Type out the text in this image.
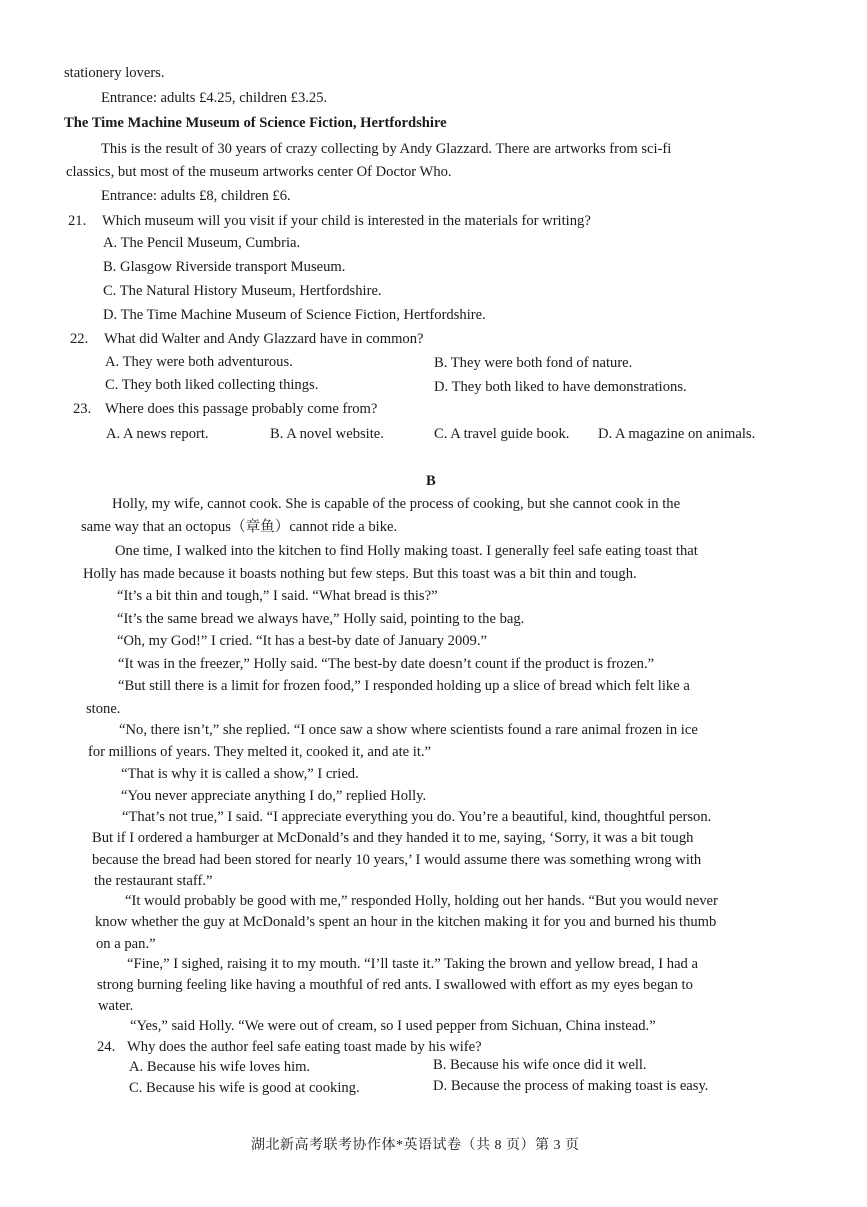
stationery lovers.
Entrance: adults £4.25, children £3.25.
The Time Machine Museum of Science Fiction, Hertfordshire
This is the result of 30 years of crazy collecting by Andy Glazzard. There are artworks from sci-fi
classics, but most of the museum artworks center Of Doctor Who.
Entrance: adults £8, children £6.
21. Which museum will you visit if your child is interested in the materials for writing?
A. The Pencil Museum, Cumbria.
B. Glasgow Riverside transport Museum.
C. The Natural History Museum, Hertfordshire.
D. The Time Machine Museum of Science Fiction, Hertfordshire.
22. What did Walter and Andy Glazzard have in common?
A. They were both adventurous.	B. They were both fond of nature.
C. They both liked collecting things.	D. They both liked to have demonstrations.
23. Where does this passage probably come from?
A. A news report.	B. A novel website.	C. A travel guide book. D. A magazine on animals.
B
Holly, my wife, cannot cook. She is capable of the process of cooking, but she cannot cook in the
same way that an octopus（章鱼）cannot ride a bike.
One time, I walked into the kitchen to find Holly making toast. I generally feel safe eating toast that
Holly has made because it boasts nothing but few steps. But this toast was a bit thin and tough.
“It’s a bit thin and tough,” I said. “What bread is this?”
“It’s the same bread we always have,” Holly said, pointing to the bag.
“Oh, my God!” I cried. “It has a best-by date of January 2009.”
“It was in the freezer,” Holly said. “The best-by date doesn’t count if the product is frozen.”
“But still there is a limit for frozen food,” I responded holding up a slice of bread which felt like a
stone.
“No, there isn’t,” she replied. “I once saw a show where scientists found a rare animal frozen in ice
for millions of years. They melted it, cooked it, and ate it.”
“That is why it is called a show,” I cried.
“You never appreciate anything I do,” replied Holly.
“That’s not true,” I said. “I appreciate everything you do. You’re a beautiful, kind, thoughtful person.
But if I ordered a hamburger at McDonald’s and they handed it to me, saying, ‘Sorry, it was a bit tough
because the bread had been stored for nearly 10 years,’ I would assume there was something wrong with
the restaurant staff.”
“It would probably be good with me,” responded Holly, holding out her hands. “But you would never
know whether the guy at McDonald’s spent an hour in the kitchen making it for you and burned his thumb
on a pan.”
“Fine,” I sighed, raising it to my mouth. “I’ll taste it.” Taking the brown and yellow bread, I had a
strong burning feeling like having a mouthful of red ants. I swallowed with effort as my eyes began to
water.
“Yes,” said Holly. “We were out of cream, so I used pepper from Sichuan, China instead.”
24. Why does the author feel safe eating toast made by his wife?
A. Because his wife loves him.	B. Because his wife once did it well.
C. Because his wife is good at cooking.	D. Because the process of making toast is easy.
湖北新高考联考协作体*英语试卷（共 8 页）第 3 页
